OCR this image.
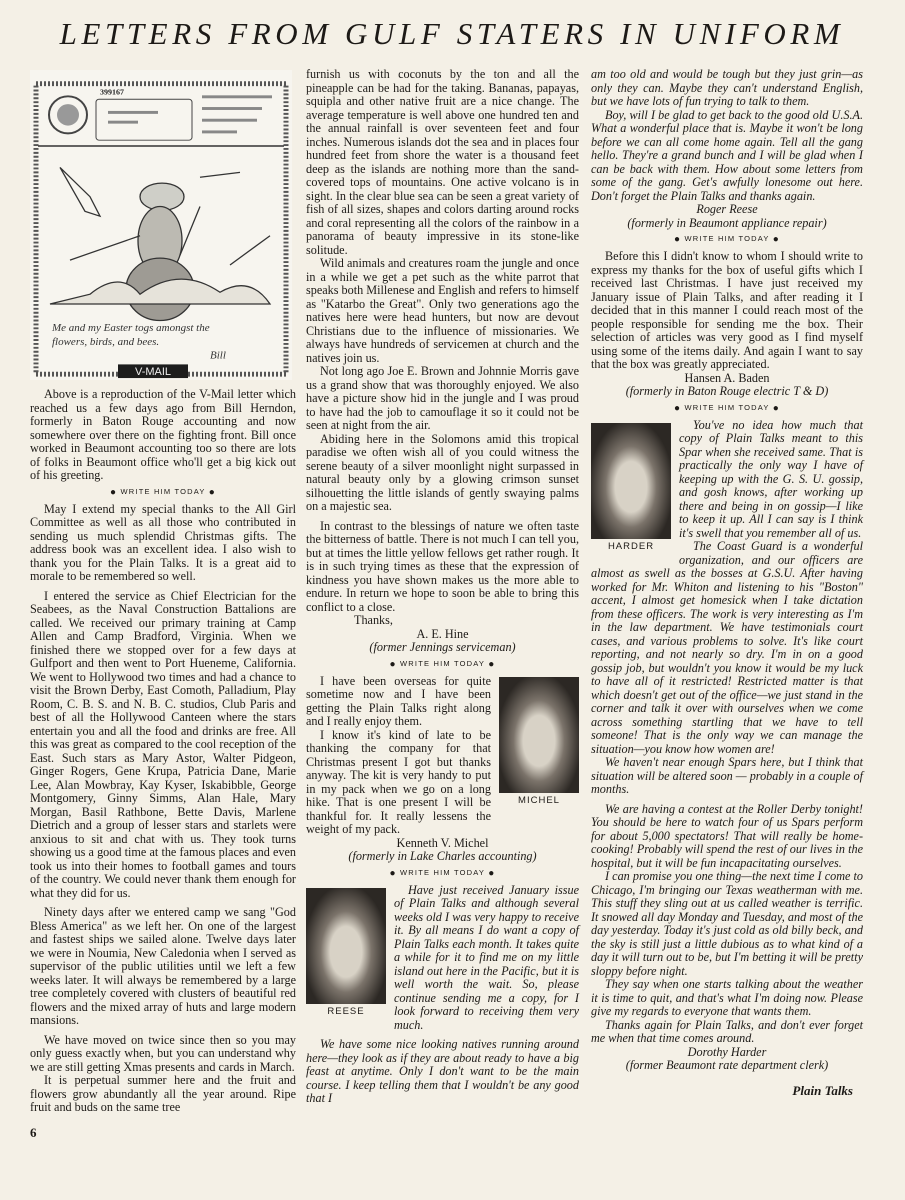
LETTERS FROM GULF STATERS IN UNIFORM
399167
Me and my Easter togs amongst the
flowers, birds, and bees.
Bill
V-MAIL

Above is a reproduction of the V-Mail letter which reached us a few days ago from Bill Herndon, formerly in Baton Rouge accounting and now somewhere over there on the fighting front. Bill once worked in Beaumont accounting too so there are lots of folks in Beaumont office who'll get a big kick out of his greeting.

● WRITE HIM TODAY ●

May I extend my special thanks to the All Girl Committee as well as all those who contributed in sending us much splendid Christmas gifts. The address book was an excellent idea. I also wish to thank you for the Plain Talks. It is a great aid to morale to be remembered so well.

I entered the service as Chief Electrician for the Seabees, as the Naval Construction Battalions are called. We received our primary training at Camp Allen and Camp Bradford, Virginia. When we finished there we stopped over for a few days at Gulfport and then went to Port Hueneme, California. We went to Hollywood two times and had a chance to visit the Brown Derby, East Comoth, Palladium, Play Room, C. B. S. and N. B. C. studios, Club Paris and best of all the Hollywood Canteen where the stars entertain you and all the food and drinks are free. All this was great as compared to the cool reception of the East. Such stars as Mary Astor, Walter Pidgeon, Ginger Rogers, Gene Krupa, Patricia Dane, Marie Lee, Alan Mowbray, Kay Kyser, Iskabibble, George Montgomery, Ginny Simms, Alan Hale, Mary Morgan, Basil Rathbone, Bette Davis, Marlene Dietrich and a group of lesser stars and starlets were anxious to sit and chat with us. They took turns showing us a good time at the famous places and even took us into their homes to football games and tours of the country. We could never thank them enough for what they did for us.

Ninety days after we entered camp we sang "God Bless America" as we left her. On one of the largest and fastest ships we sailed alone. Twelve days later we were in Noumia, New Caledonia when I served as supervisor of the public utilities until we left a few weeks later. It will always be remembered by a large tree completely covered with clusters of beautiful red flowers and the mixed array of huts and large modern mansions.

We have moved on twice since then so you may only guess exactly when, but you can understand why we are still getting Xmas presents and cards in March.

It is perpetual summer here and the fruit and flowers grow abundantly all the year around. Ripe fruit and buds on the same tree

6

furnish us with coconuts by the ton and all the pineapple can be had for the taking. Bananas, papayas, squipla and other native fruit are a nice change. The average temperature is well above one hundred ten and the annual rainfall is over seventeen feet and four inches. Numerous islands dot the sea and in places four hundred feet from shore the water is a thousand feet deep as the islands are nothing more than the sand-covered tops of mountains. One active volcano is in sight. In the clear blue sea can be seen a great variety of fish of all sizes, shapes and colors darting around rocks and coral representing all the colors of the rainbow in a panorama of beauty impressive in its stone-like solitude.

Wild animals and creatures roam the jungle and once in a while we get a pet such as the white parrot that speaks both Millenese and English and refers to himself as "Katarbo the Great". Only two generations ago the natives here were head hunters, but now are devout Christians due to the influence of missionaries. We always have hundreds of servicemen at church and the natives join us.

Not long ago Joe E. Brown and Johnnie Morris gave us a grand show that was thoroughly enjoyed. We also have a picture show hid in the jungle and I was proud to have had the job to camouflage it so it could not be seen at night from the air.

Abiding here in the Solomons amid this tropical paradise we often wish all of you could witness the serene beauty of a silver moonlight night surpassed in natural beauty only by a glowing crimson sunset silhouetting the little islands of gently swaying palms on a majestic sea.

In contrast to the blessings of nature we often taste the bitterness of battle. There is not much I can tell you, but at times the little yellow fellows get rather rough. It is in such trying times as these that the expression of kindness you have shown makes us the more able to endure. In return we hope to soon be able to bring this conflict to a close.

Thanks,

A. E. Hine

(former Jennings serviceman)

● WRITE HIM TODAY ●
MICHEL

I have been overseas for quite sometime now and I have been getting the Plain Talks right along and I really enjoy them.

I know it's kind of late to be thanking the company for that Christmas present I got but thanks anyway. The kit is very handy to put in my pack when we go on a long hike. That is one present I will be thankful for. It really lessens the weight of my pack.

Kenneth V. Michel

(formerly in Lake Charles accounting)

● WRITE HIM TODAY ●
REESE

Have just received January issue of Plain Talks and although several weeks old I was very happy to receive it. By all means I do want a copy of Plain Talks each month. It takes quite a while for it to find me on my little island out here in the Pacific, but it is well worth the wait. So, please continue sending me a copy, for I look forward to receiving them very much.

We have some nice looking natives running around here—they look as if they are about ready to have a big feast at anytime. Only I don't want to be the main course. I keep telling them that I wouldn't be any good that I

am too old and would be tough but they just grin—as only they can. Maybe they can't understand English, but we have lots of fun trying to talk to them.

Boy, will I be glad to get back to the good old U.S.A. What a wonderful place that is. Maybe it won't be long before we can all come home again. Tell all the gang hello. They're a grand bunch and I will be glad when I can be back with them. How about some letters from some of the gang. Get's awfully lonesome out here. Don't forget the Plain Talks and thanks again.

Roger Reese

(formerly in Beaumont appliance repair)

● WRITE HIM TODAY ●

Before this I didn't know to whom I should write to express my thanks for the box of useful gifts which I received last Christmas. I have just received my January issue of Plain Talks, and after reading it I decided that in this manner I could reach most of the people responsible for sending me the box. Their selection of articles was very good as I find myself using some of the items daily. And again I want to say that the box was greatly appreciated.

Hansen A. Baden

(formerly in Baton Rouge electric T & D)

● WRITE HIM TODAY ●
HARDER

You've no idea how much that copy of Plain Talks meant to this Spar when she received same. That is practically the only way I have of keeping up with the G. S. U. gossip, and gosh knows, after working up there and being in on gossip—I like to keep it up. All I can say is I think it's swell that you remember all of us.

The Coast Guard is a wonderful organization, and our officers are almost as swell as the bosses at G.S.U. After having worked for Mr. Whiton and listening to his "Boston" accent, I almost get homesick when I take dictation from these officers. The work is very interesting as I'm in the law department. We have testimonials court cases, and various problems to solve. It's like court reporting, and not nearly so dry. I'm in on a good gossip job, but wouldn't you know it would be my luck to have all of it restricted! Restricted matter is that which doesn't get out of the office—we just stand in the corner and talk it over with ourselves when we come across something startling that we have to tell someone! That is the only way we can manage the situation—you know how women are!

We haven't near enough Spars here, but I think that situation will be altered soon — probably in a couple of months.

We are having a contest at the Roller Derby tonight! You should be here to watch four of us Spars perform for about 5,000 spectators! That will really be home-cooking! Probably will spend the rest of our lives in the hospital, but it will be fun incapacitating ourselves.

I can promise you one thing—the next time I come to Chicago, I'm bringing our Texas weatherman with me. This stuff they sling out at us called weather is terrific. It snowed all day Monday and Tuesday, and most of the day yesterday. Today it's just cold as old billy beck, and the sky is still just a little dubious as to what kind of a day it will turn out to be, but I'm betting it will be pretty sloppy before night.

They say when one starts talking about the weather it is time to quit, and that's what I'm doing now. Please give my regards to everyone that wants them.

Thanks again for Plain Talks, and don't ever forget me when that time comes around.

Dorothy Harder

(former Beaumont rate department clerk)

Plain Talks
